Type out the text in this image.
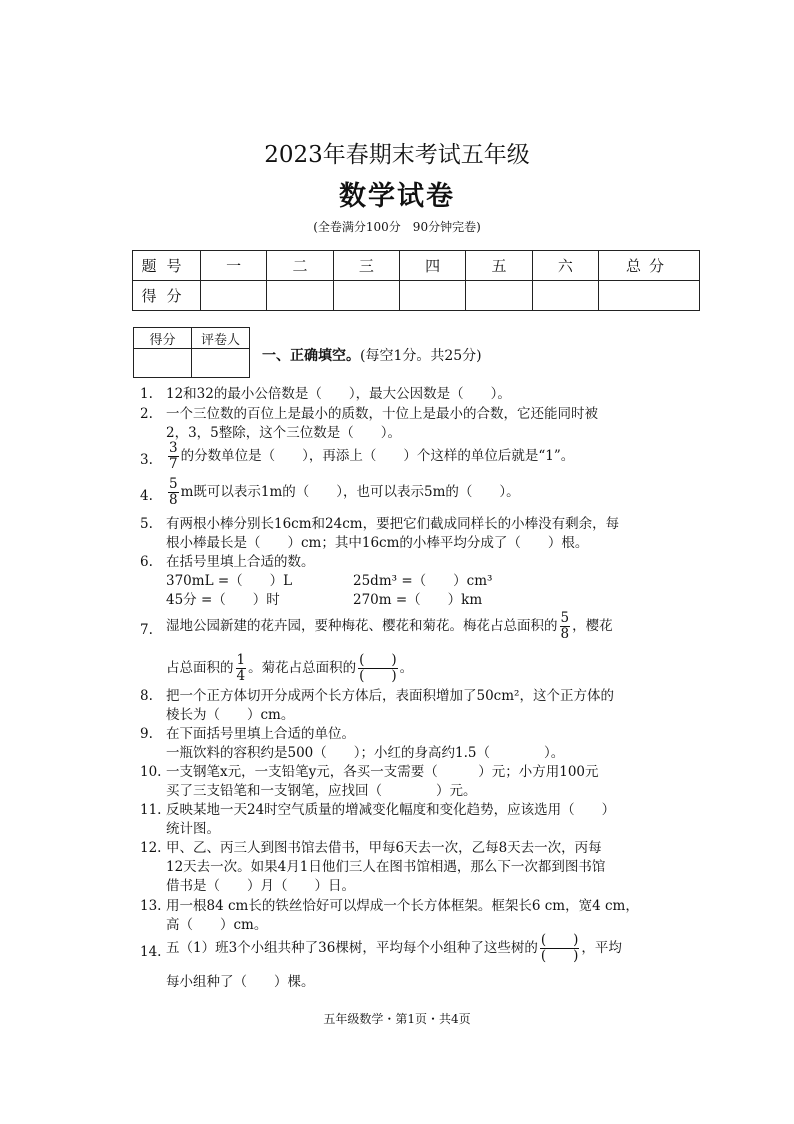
2023年春期末考试五年级
数学试卷
(全卷满分100分　90分钟完卷)
题号	一	二	三	四	五	六	总分
得分							
得分	评卷人

一、正确填空。(每空1分。共25分)
1. 12和32的最小公倍数是（　　），最大公因数是（　　）。
2. 一个三位数的百位上是最小的质数，十位上是最小的合数，它还能同时被
2，3，5整除，这个三位数是（　　）。
3.	$\frac{3}{7}$ 的分数单位是（　　），再添上（　　）个这样的单位后就是“1”。
4.	$\frac{5}{8}$ m既可以表示1m的（　　），也可以表示5m的（　　）。
5. 有两根小棒分别长16cm和24cm，要把它们截成同样长的小棒没有剩余，每
根小棒最长是（　　）cm；其中16cm的小棒平均分成了（　　）根。
6. 在括号里填上合适的数。
370mL =（　　）L	25dm³ =（　　）cm³
45分 =（　　）时	270m =（　　）km
7. 湿地公园新建的花卉园，要种梅花、樱花和菊花。梅花占总面积的 $\frac{5}{8}$ ，樱花
占总面积的 $\frac{1}{4}$ 。菊花占总面积的 $\frac{( )}{( )}$ 。
8. 把一个正方体切开分成两个长方体后，表面积增加了50cm²，这个正方体的
棱长为（　　）cm。
9. 在下面括号里填上合适的单位。
一瓶饮料的容积约是500（　　）；小红的身高约1.5（　　　　）。
10. 一支钢笔x元，一支铅笔y元，各买一支需要（　　　）元；小方用100元
买了三支铅笔和一支钢笔，应找回（　　　　）元。
11. 反映某地一天24时空气质量的增减变化幅度和变化趋势，应该选用（　　）
统计图。
12. 甲、乙、丙三人到图书馆去借书，甲每6天去一次，乙每8天去一次，丙每
12天去一次。如果4月1日他们三人在图书馆相遇，那么下一次都到图书馆
借书是（　　）月（　　）日。
13. 用一根84 cm长的铁丝恰好可以焊成一个长方体框架。框架长6 cm，宽4 cm，
高（　　）cm。
14. 五（1）班3个小组共种了36棵树，平均每个小组种了这些树的 $\frac{( )}{( )}$ ，平均
每小组种了（　　）棵。
五年级数学・第1页・共4页
